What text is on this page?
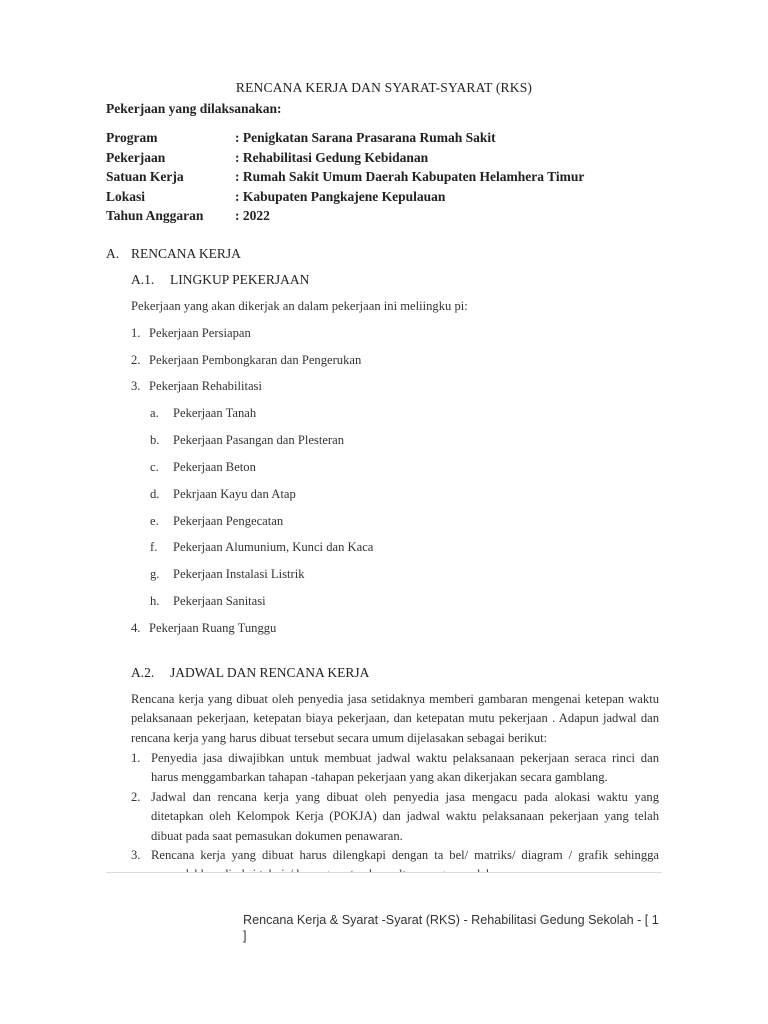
RENCANA KERJA DAN SYARAT-SYARAT (RKS)
Pekerjaan yang dilaksanakan:
Program	: Penigkatan Sarana Prasarana Rumah Sakit
Pekerjaan	: Rehabilitasi Gedung Kebidanan
Satuan Kerja	: Rumah Sakit Umum Daerah Kabupaten Helamhera Timur
Lokasi	: Kabupaten Pangkajene Kepulauan
Tahun Anggaran	: 2022
A. RENCANA KERJA
A.1. LINGKUP PEKERJAAN
Pekerjaan yang akan dikerjak an dalam pekerjaan ini meliingku pi:
1. Pekerjaan Persiapan
2. Pekerjaan Pembongkaran dan Pengerukan
3. Pekerjaan Rehabilitasi
a.	Pekerjaan Tanah
b.	Pekerjaan Pasangan dan Plesteran
c.	Pekerjaan Beton
d.	Pekrjaan Kayu dan Atap
e.	Pekerjaan Pengecatan
f.	Pekerjaan Alumunium, Kunci dan Kaca
g.	Pekerjaan Instalasi Listrik
h.	Pekerjaan Sanitasi
4. Pekerjaan Ruang Tunggu
A.2. JADWAL DAN RENCANA KERJA
Rencana kerja yang dibuat oleh penyedia jasa setidaknya memberi gambaran mengenai ketepan waktu pelaksanaan pekerjaan, ketepatan biaya pekerjaan, dan ketepatan mutu pekerjaan . Adapun jadwal dan rencana kerja yang harus dibuat tersebut secara umum dijelasakan sebagai berikut:
1. Penyedia jasa diwajibkan untuk membuat jadwal waktu pelaksanaan pekerjaan seraca rinci dan harus menggambarkan tahapan -tahapan pekerjaan yang akan dikerjakan secara gamblang.
2. Jadwal dan rencana kerja yang dibuat oleh penyedia jasa mengacu pada alokasi waktu yang ditetapkan oleh Kelompok Kerja (POKJA) dan jadwal waktu pelaksanaan pekerjaan yang telah dibuat pada saat pemasukan dokumen penawaran.
3. Rencana kerja yang dibuat harus dilengkapi dengan ta bel/ matriks/ diagram / grafik sehingga
Rencana Kerja & Syarat -Syarat (RKS) - Rehabilitasi Gedung Sekolah - [ 1 ]
